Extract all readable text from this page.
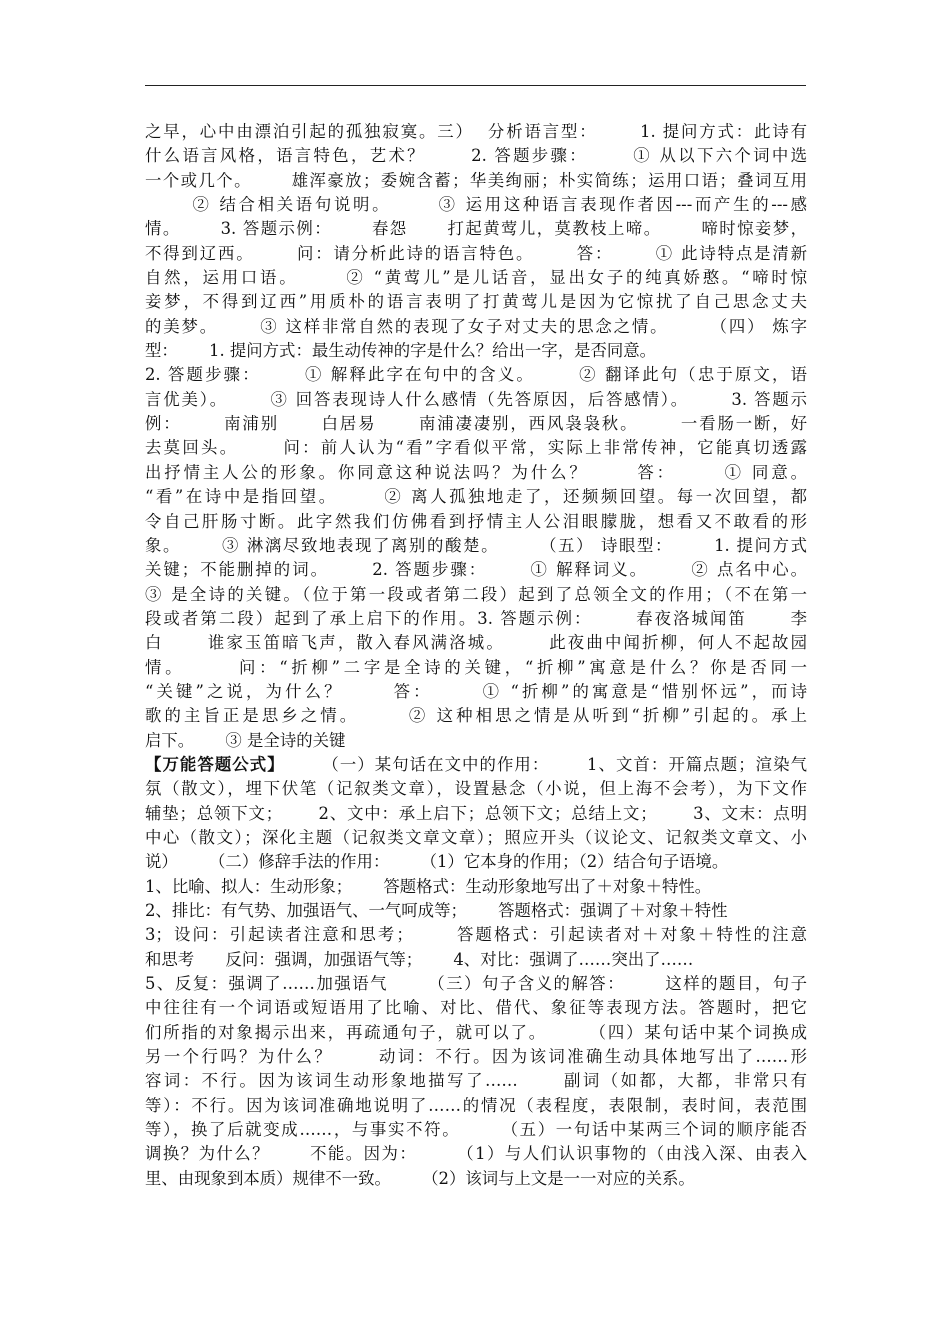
之早，心中由漂泊引起的孤独寂寞。三）  分析语言型：      1. 提问方式：此诗有
什么语言风格，语言特色，艺术？      2. 答题步骤：      ① 从以下六个词中选
一个或几个。      雄浑豪放；委婉含蓄；华美绚丽；朴实简练；运用口语；叠词互用
② 结合相关语句说明。      ③ 运用这种语言表现作者因---而产生的---感
情。      3. 答题示例：      春怨      打起黄莺儿，莫教枝上啼。      啼时惊妾梦，
不得到辽西。      问：请分析此诗的语言特色。      答：      ① 此诗特点是清新
自然，运用口语。      ② “黄莺儿”是儿话音，显出女子的纯真娇憨。“啼时惊
妾梦，不得到辽西”用质朴的语言表明了打黄莺儿是因为它惊扰了自己思念丈夫
的美梦。      ③ 这样非常自然的表现了女子对丈夫的思念之情。      （四） 炼字
型：      1. 提问方式：最生动传神的字是什么？给出一字，是否同意。
2. 答题步骤：      ① 解释此字在句中的含义。      ② 翻译此句（忠于原文，语
言优美）。      ③ 回答表现诗人什么感情（先答原因，后答感情）。      3. 答题示
例：      南浦别      白居易      南浦凄凄别，西风袅袅秋。      一看肠一断，好
去莫回头。      问：前人认为“看”字看似平常，实际上非常传神，它能真切透露
出抒情主人公的形象。你同意这种说法吗？为什么？      答：      ① 同意。
“看”在诗中是指回望。      ② 离人孤独地走了，还频频回望。每一次回望，都
令自己肝肠寸断。此字然我们仿佛看到抒情主人公泪眼朦胧，想看又不敢看的形
象。      ③ 淋漓尽致地表现了离别的酸楚。      （五） 诗眼型：      1. 提问方式
关键；不能删掉的词。      2. 答题步骤：      ① 解释词义。      ② 点名中心。
③ 是全诗的关键。（位于第一段或者第二段）起到了总领全文的作用；（不在第一
段或者第二段）起到了承上启下的作用。3. 答题示例：      春夜洛城闻笛      李
白      谁家玉笛暗飞声，散入春风满洛城。      此夜曲中闻折柳，何人不起故园
情。      问：“折柳”二字是全诗的关键，“折柳”寓意是什么？你是否同一
“关键”之说，为什么？      答：      ① “折柳”的寓意是“惜别怀远”，而诗
歌的主旨正是思乡之情。      ② 这种相思之情是从听到“折柳”引起的。承上
启下。      ③ 是全诗的关键
【万能答题公式】      （一）某句话在文中的作用：      1、文首：开篇点题；渲染气
氛（散文），埋下伏笔（记叙类文章），设置悬念（小说，但上海不会考），为下文作
辅垫；总领下文；      2、文中：承上启下；总领下文；总结上文；      3、文末：点明
中心（散文）；深化主题（记叙类文章文章）；照应开头（议论文、记叙类文章文、小
说）      （二）修辞手法的作用：      （1）它本身的作用；（2）结合句子语境。
1、比喻、拟人：生动形象；      答题格式：生动形象地写出了＋对象＋特性。
2、排比：有气势、加强语气、一气呵成等；      答题格式：强调了＋对象＋特性
3；设问：引起读者注意和思考；      答题格式：引起读者对＋对象＋特性的注意
和思考      反问：强调，加强语气等；      4、对比：强调了……突出了……
5、反复：强调了……加强语气      （三）句子含义的解答：      这样的题目，句子
中往往有一个词语或短语用了比喻、对比、借代、象征等表现方法。答题时，把它
们所指的对象揭示出来，再疏通句子，就可以了。      （四）某句话中某个词换成
另一个行吗？为什么？      动词：不行。因为该词准确生动具体地写出了……形
容词：不行。因为该词生动形象地描写了……      副词（如都，大都，非常只有
等）：不行。因为该词准确地说明了……的情况（表程度，表限制，表时间，表范围
等），换了后就变成……，与事实不符。      （五）一句话中某两三个词的顺序能否
调换？为什么？      不能。因为：      （1）与人们认识事物的（由浅入深、由表入
里、由现象到本质）规律不一致。      （2）该词与上文是一一对应的关系。
